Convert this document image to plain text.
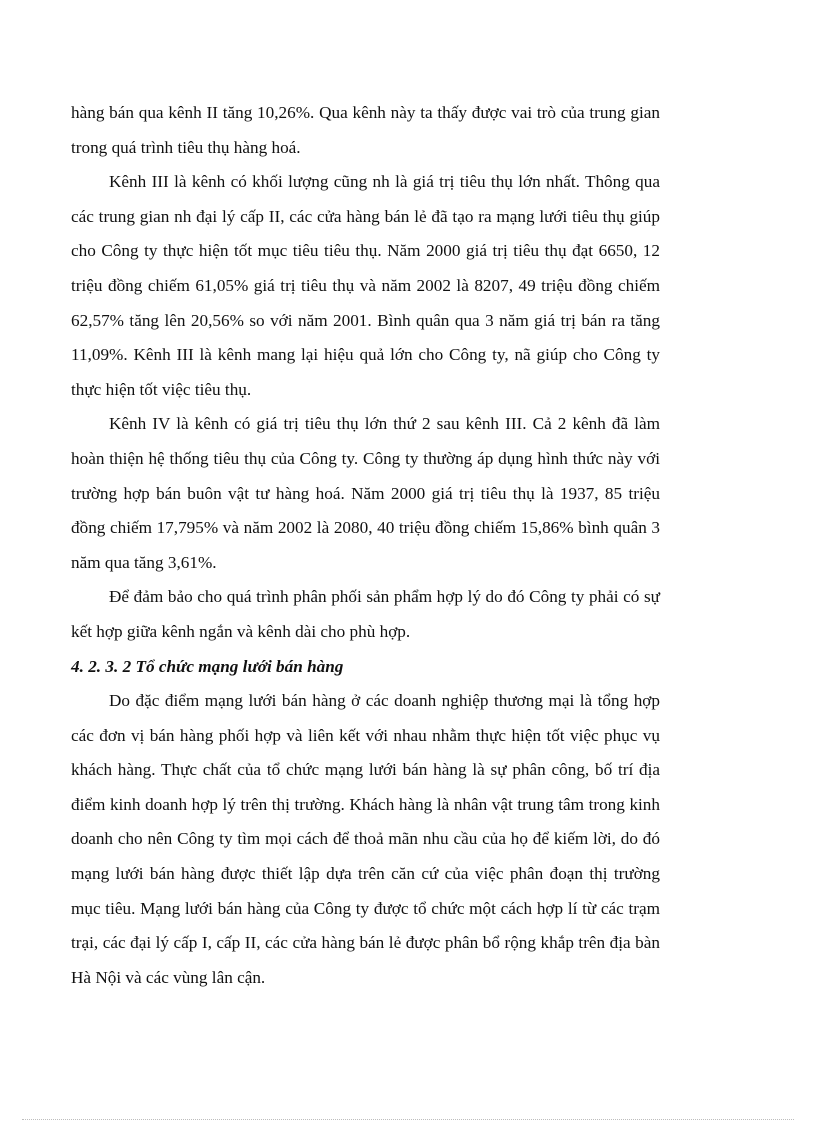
hàng bán qua kênh II tăng 10,26%. Qua kênh này ta thấy được vai trò của trung gian trong quá trình tiêu thụ hàng hoá.

Kênh III là kênh có khối lượng cũng nh là giá trị tiêu thụ lớn nhất. Thông qua các trung gian nh đại lý cấp II, các cửa hàng bán lẻ đã tạo ra mạng lưới tiêu thụ giúp cho Công ty thực hiện tốt mục tiêu tiêu thụ. Năm 2000 giá trị tiêu thụ đạt 6650, 12 triệu đồng chiếm 61,05% giá trị tiêu thụ và năm 2002 là 8207, 49 triệu đồng chiếm 62,57% tăng lên 20,56% so với năm 2001. Bình quân qua 3 năm giá trị bán ra tăng 11,09%. Kênh III là kênh mang lại hiệu quả lớn cho Công ty, nã giúp cho Công ty thực hiện tốt việc tiêu thụ.

Kênh IV là kênh có giá trị tiêu thụ lớn thứ 2 sau kênh III. Cả 2 kênh đã làm hoàn thiện hệ thống tiêu thụ của Công ty. Công ty thường áp dụng hình thức này với trường hợp bán buôn vật tư hàng hoá. Năm 2000 giá trị tiêu thụ là 1937, 85 triệu đồng chiếm 17,795% và năm 2002 là 2080, 40 triệu đồng chiếm 15,86% bình quân 3 năm qua tăng 3,61%.

Để đảm bảo cho quá trình phân phối sản phẩm hợp lý do đó Công ty phải có sự kết hợp giữa kênh ngắn và kênh dài cho phù hợp.

4. 2. 3. 2 Tổ chức mạng lưới bán hàng

Do đặc điểm mạng lưới bán hàng ở các doanh nghiệp thương mại là tổng hợp các đơn vị bán hàng phối hợp và liên kết với nhau nhằm thực hiện tốt việc phục vụ khách hàng. Thực chất của tổ chức mạng lưới bán hàng là sự phân công, bố trí địa điểm kinh doanh hợp lý trên thị trường. Khách hàng là nhân vật trung tâm trong kinh doanh cho nên Công ty tìm mọi cách để thoả mãn nhu cầu của họ để kiếm lời, do đó mạng lưới bán hàng được thiết lập dựa trên căn cứ của việc phân đoạn thị trường mục tiêu. Mạng lưới bán hàng của Công ty được tổ chức một cách hợp lí từ các trạm trại, các đại lý cấp I, cấp II, các cửa hàng bán lẻ được phân bổ rộng khắp trên địa bàn Hà Nội và các vùng lân cận.
